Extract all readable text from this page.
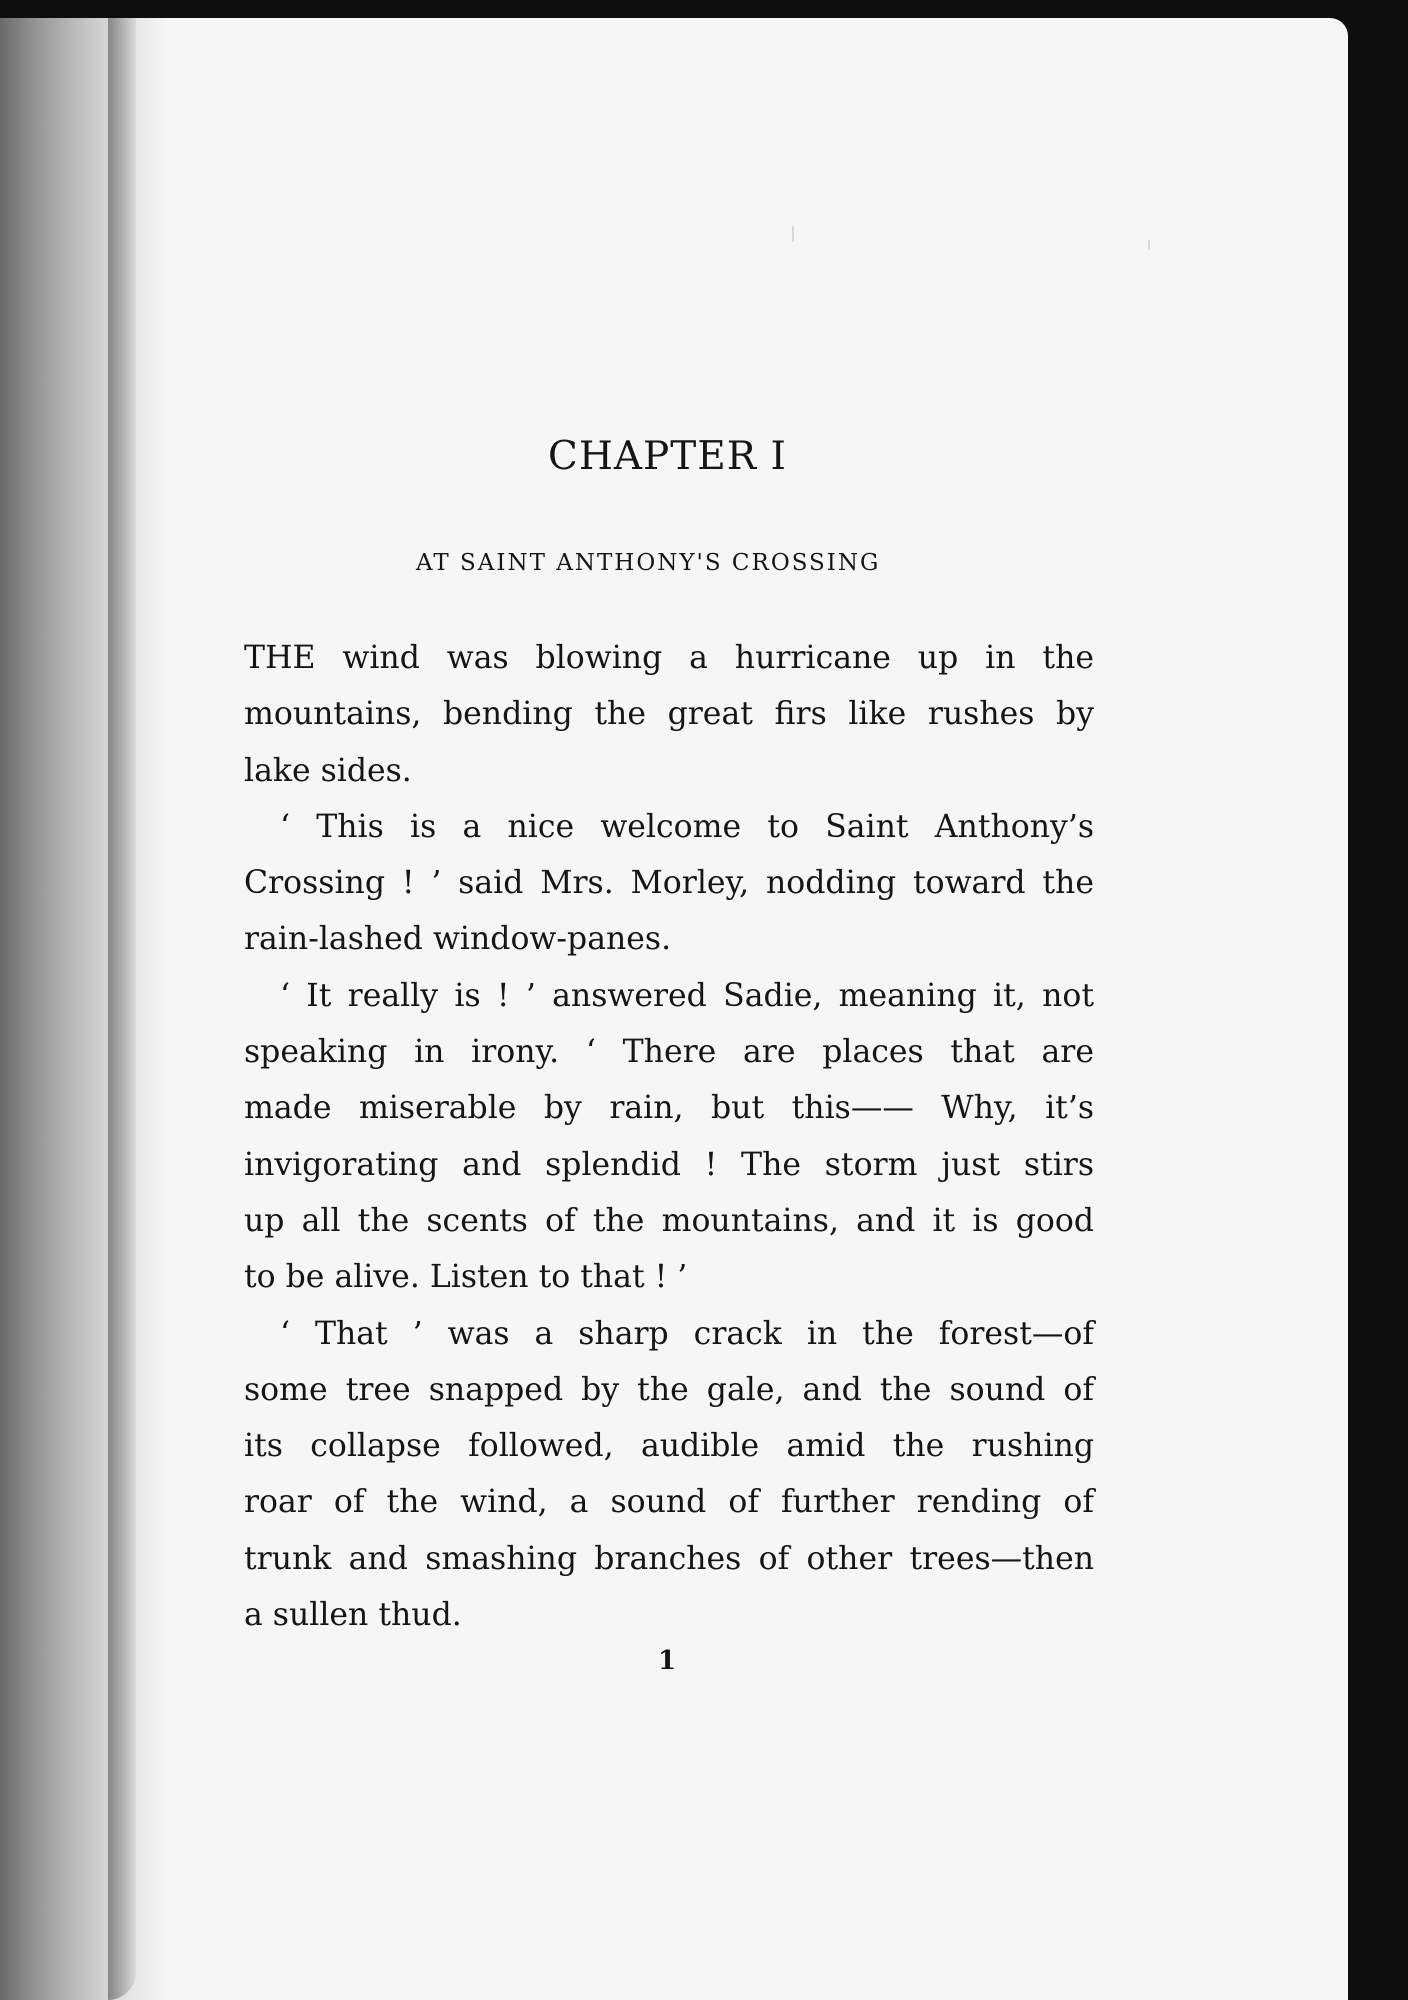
CHAPTER I
AT SAINT ANTHONY'S CROSSING
THE wind was blowing a hurricane up in the
mountains, bending the great firs like rushes by
lake sides.
‘ This is a nice welcome to Saint Anthony’s
Crossing ! ’ said Mrs. Morley, nodding toward the
rain-lashed window-panes.
‘ It really is ! ’ answered Sadie, meaning it, not
speaking in irony. ‘ There are places that are
made miserable by rain, but this—— Why, it’s
invigorating and splendid ! The storm just stirs
up all the scents of the mountains, and it is good
to be alive. Listen to that ! ’
‘ That ’ was a sharp crack in the forest—of
some tree snapped by the gale, and the sound of
its collapse followed, audible amid the rushing
roar of the wind, a sound of further rending of
trunk and smashing branches of other trees—then
a sullen thud.
1
